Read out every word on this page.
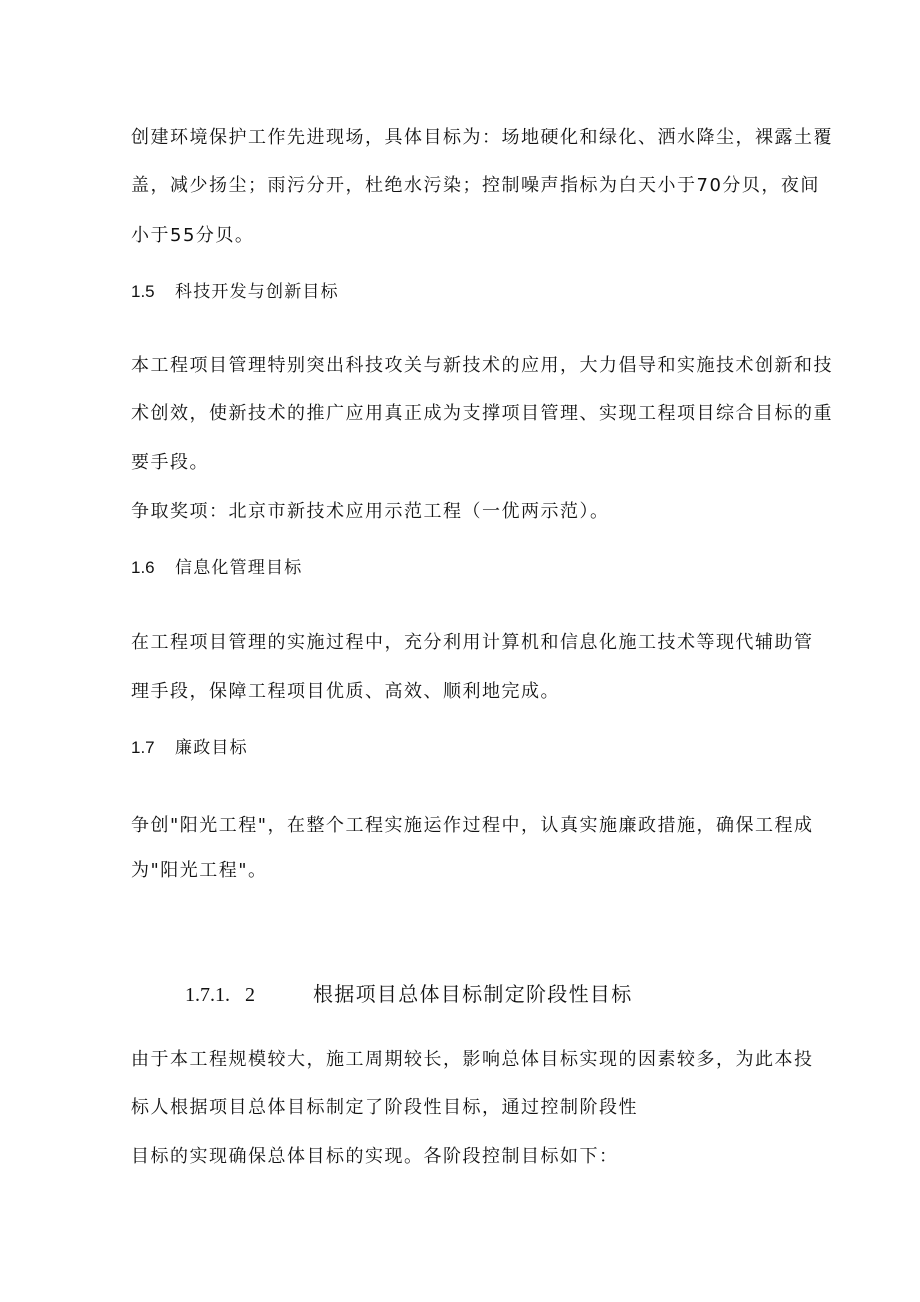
创建环境保护工作先进现场，具体目标为：场地硬化和绿化、洒水降尘，裸露土覆
盖，减少扬尘；雨污分开，杜绝水污染；控制噪声指标为白天小于70分贝，夜间
小于55分贝。
1.5 科技开发与创新目标
本工程项目管理特别突出科技攻关与新技术的应用，大力倡导和实施技术创新和技
术创效，使新技术的推广应用真正成为支撑项目管理、实现工程项目综合目标的重
要手段。
争取奖项：北京市新技术应用示范工程（一优两示范）。
1.6 信息化管理目标
在工程项目管理的实施过程中，充分利用计算机和信息化施工技术等现代辅助管
理手段，保障工程项目优质、高效、顺利地完成。
1.7 廉政目标
争创"阳光工程"，在整个工程实施运作过程中，认真实施廉政措施，确保工程成
为"阳光工程"。
1.7.1.   2	根据项目总体目标制定阶段性目标
由于本工程规模较大，施工周期较长，影响总体目标实现的因素较多，为此本投
标人根据项目总体目标制定了阶段性目标，通过控制阶段性
目标的实现确保总体目标的实现。各阶段控制目标如下：
